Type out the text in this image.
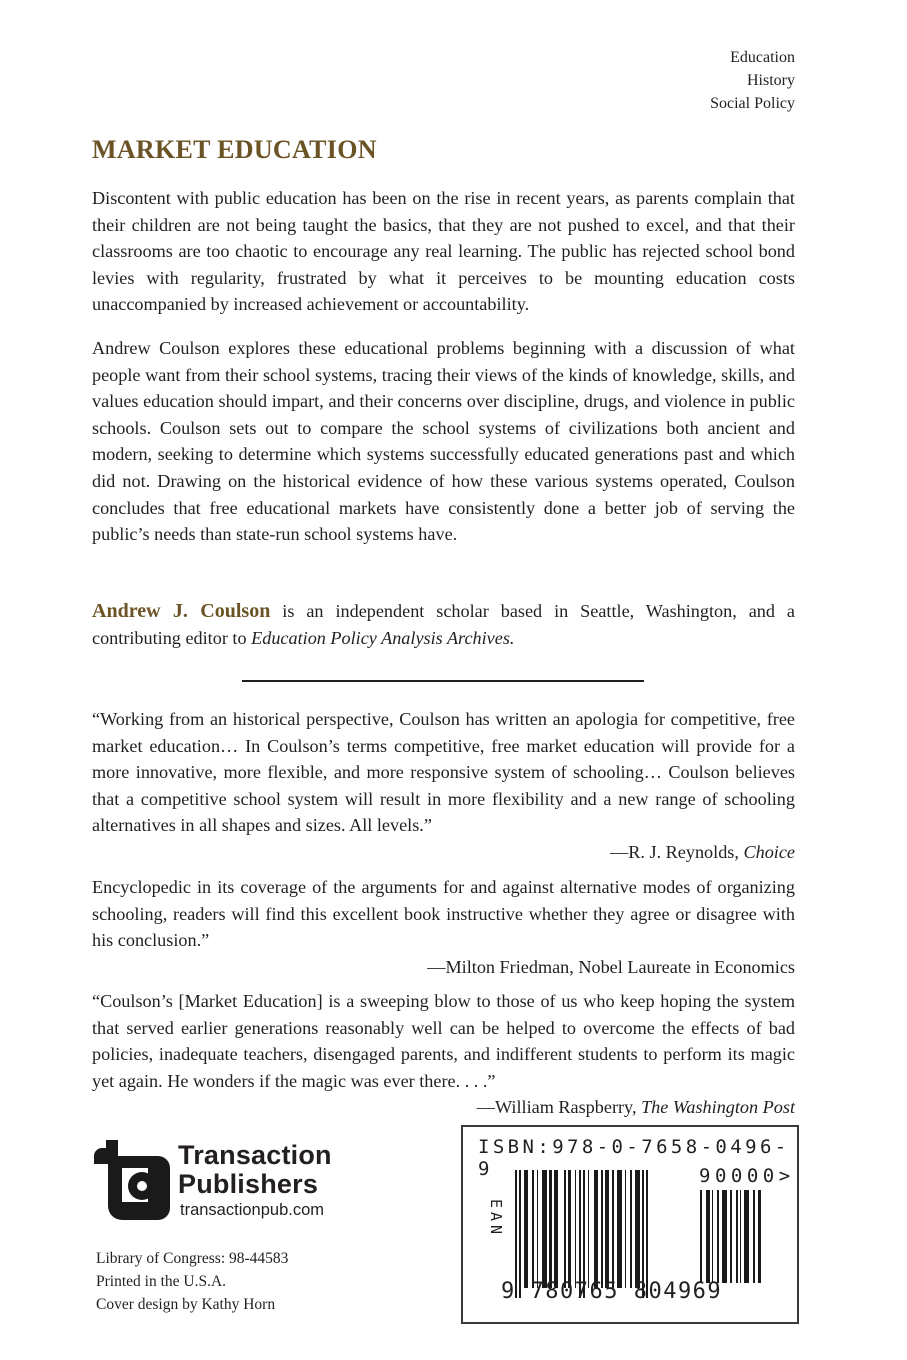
Education
History
Social Policy
MARKET EDUCATION

Discontent with public education has been on the rise in recent years, as parents complain that their children are not being taught the basics, that they are not pushed to excel, and that their classrooms are too chaotic to encourage any real learning. The public has rejected school bond levies with regularity, frustrated by what it perceives to be mounting education costs unaccompanied by increased achievement or accountability.

Andrew Coulson explores these educational problems beginning with a discussion of what people want from their school systems, tracing their views of the kinds of knowledge, skills, and values education should impart, and their concerns over discipline, drugs, and violence in public schools. Coulson sets out to compare the school systems of civilizations both ancient and modern, seeking to determine which systems successfully educated generations past and which did not. Drawing on the historical evidence of how these various systems operated, Coulson concludes that free educational markets have consistently done a better job of serving the public’s needs than state-run school systems have.

Andrew J. Coulson is an independent scholar based in Seattle, Washington, and a contributing editor to Education Policy Analysis Archives.

“Working from an historical perspective, Coulson has written an apologia for competitive, free market education… In Coulson’s terms competitive, free market education will provide for a more innovative, more flexible, and more responsive system of schooling… Coulson believes that a competitive school system will result in more flexibility and a new range of schooling alternatives in all shapes and sizes. All levels.”

—R. J. Reynolds, Choice

Encyclopedic in its coverage of the arguments for and against alternative modes of organizing schooling, readers will find this excellent book instructive whether they agree or disagree with his conclusion.”

—Milton Friedman, Nobel Laureate in Economics

“Coulson’s [Market Education] is a sweeping blow to those of us who keep hoping the system that served earlier generations reasonably well can be helped to overcome the effects of bad policies, inadequate teachers, disengaged parents, and indifferent students to perform its magic yet again. He wonders if the magic was ever there. . . .”

—William Raspberry, The Washington Post

Transaction
Publishers
transactionpub.com
Library of Congress: 98-44583
Printed in the U.S.A.
Cover design by Kathy Horn
ISBN:978-0-7658-0496-9
EAN
90000>
9 780765 804969
